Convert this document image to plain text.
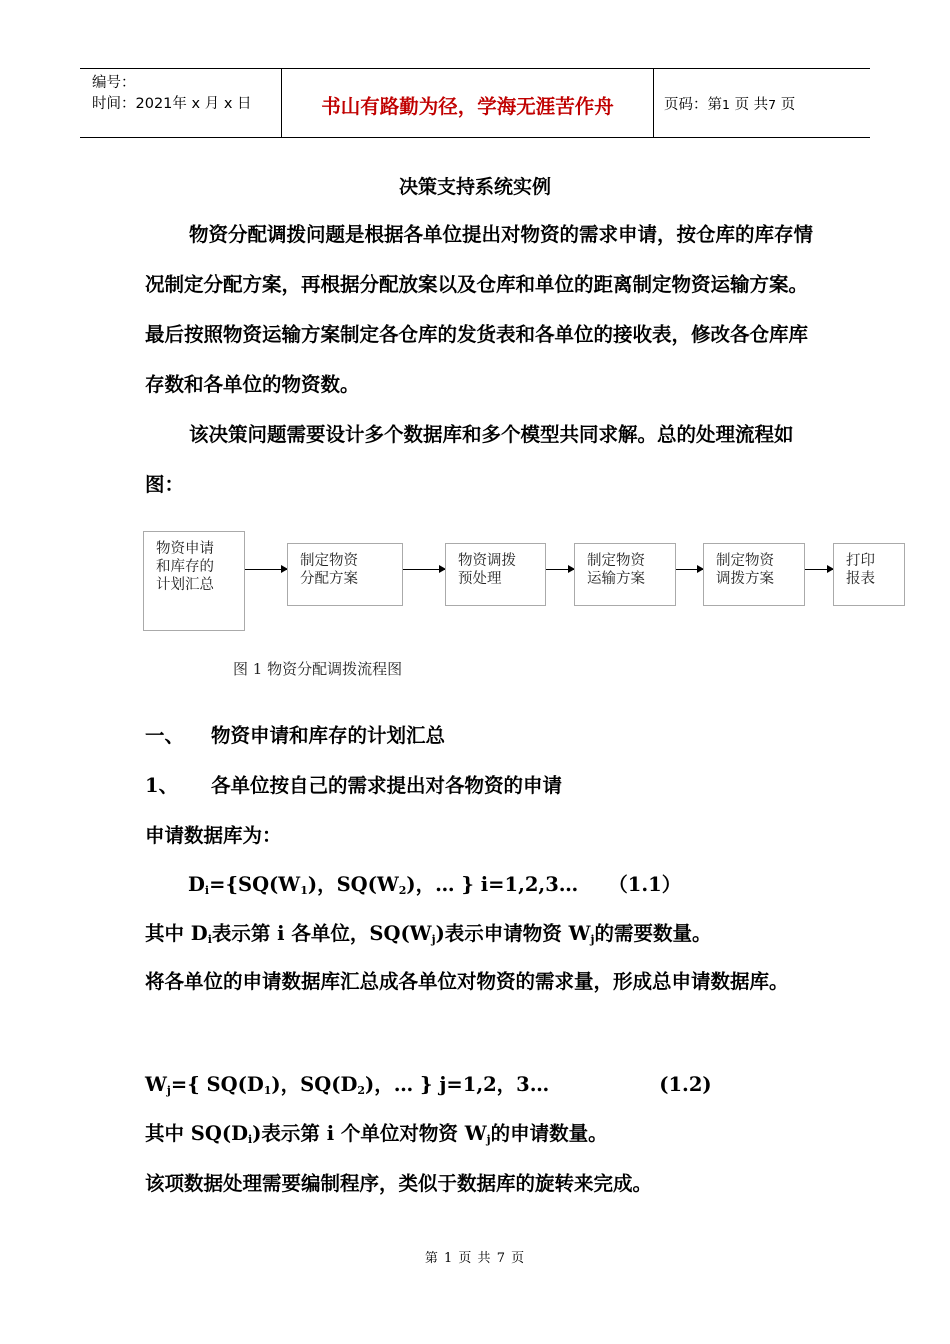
编号：
时间：2021年 x 月 x 日	书山有路勤为径，学海无涯苦作舟	页码：第1 页 共7 页
决策支持系统实例
物资分配调拨问题是根据各单位提出对物资的需求申请，按仓库的库存情况制定分配方案，再根据分配放案以及仓库和单位的距离制定物资运输方案。最后按照物资运输方案制定各仓库的发货表和各单位的接收表，修改各仓库库存数和各单位的物资数。
该决策问题需要设计多个数据库和多个模型共同求解。总的处理流程如图：
物资申请
和库存的
计划汇总
制定物资
分配方案
物资调拨
预处理
制定物资
运输方案
制定物资
调拨方案
打印
报表
图 1 物资分配调拨流程图
一、 物资申请和库存的计划汇总
1、 各单位按自己的需求提出对各物资的申请
申请数据库为：
$D_i=\{SQ(W_1)$，$SQ(W_2)$，… } i=1,2,3… （1.1）
其中 $D_i$表示第 i 各单位，$SQ(W_j)$表示申请物资 $W_j$的需要数量。
将各单位的申请数据库汇总成各单位对物资的需求量，形成总申请数据库。
$W_j=${ $SQ(D_1)$，$SQ(D_2)$，… } j=1,2，3…	(1.2)
其中 $SQ(D_i)$表示第 i 个单位对物资 $W_j$的申请数量。
该项数据处理需要编制程序，类似于数据库的旋转来完成。
第 1 页 共 7 页
